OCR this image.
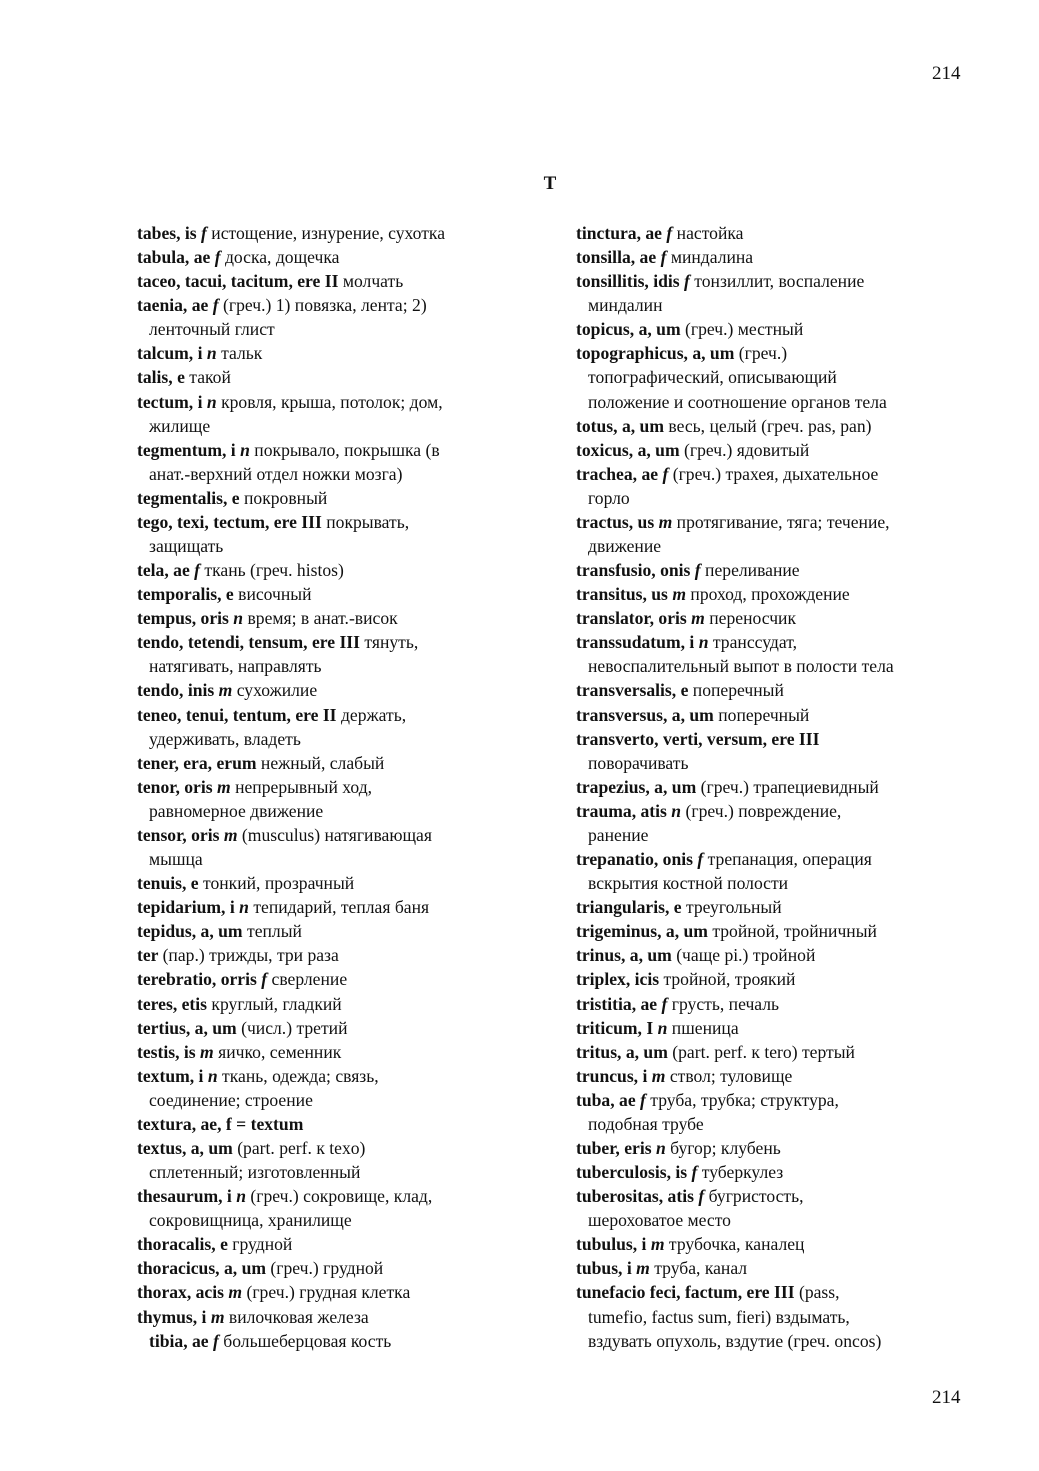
214
T
tabes, is f истощение, изнурение, сухотка
tabula, ae f доска, дощечка
taceo, tacui, tacitum, ere II молчать
taenia, ae f (греч.) 1) повязка, лента; 2)
ленточный глист
talcum, i n тальк
talis, e такой
tectum, i n кровля, крыша, потолок; дом,
жилище
tegmentum, i n покрывало, покрышка (в
анат.-верхний отдел ножки мозга)
tegmentalis, e покровный
tego, texi, tectum, ere III покрывать,
защищать
tela, ae f ткань (греч. histos)
temporalis, e височный
tempus, oris n время; в анат.-висок
tendo, tetendi, tensum, ere III тянуть,
натягивать, направлять
tendo, inis m сухожилие
teneo, tenui, tentum, ere II держать,
удерживать, владеть
tener, era, erum нежный, слабый
tenor, oris m непрерывный ход,
равномерное движение
tensor, oris m (musculus) натягивающая
мышца
tenuis, e тонкий, прозрачный
tepidarium, i n тепидарий, теплая баня
tepidus, a, um теплый
ter (пар.) трижды, три раза
terebratio, orris f сверление
teres, etis круглый, гладкий
tertius, a, um (числ.) третий
testis, is m яичко, семенник
textum, i n ткань, одежда; связь,
соединение; строение
textura, ae, f = textum
textus, a, um (part. perf. к texo)
сплетенный; изготовленный
thesaurum, i n (греч.) сокровище, клад,
сокровищница, хранилище
thoracalis, e грудной
thoracicus, a, um (греч.) грудной
thorax, acis m (греч.) грудная клетка
thymus, i m вилочковая железа
tibia, ae f большеберцовая кость
tinctura, ae f настойка
tonsilla, ae f миндалина
tonsillitis, idis f тонзиллит, воспаление
миндалин
topicus, a, um (греч.) местный
topographicus, a, um (греч.)
топографический, описывающий
положение и соотношение органов тела
totus, a, um весь, целый (греч. pas, pan)
toxicus, a, um (греч.) ядовитый
trachea, ae f (греч.) трахея, дыхательное
горло
tractus, us m протягивание, тяга; течение,
движение
transfusio, onis f переливание
transitus, us m проход, прохождение
translator, oris m переносчик
transsudatum, i n транссудат,
невоспалительный выпот в полости тела
transversalis, e поперечный
transversus, a, um поперечный
transverto, verti, versum, ere III
поворачивать
trapezius, a, um (греч.) трапециевидный
trauma, atis n (греч.) повреждение,
ранение
trepanatio, onis f трепанация, операция
вскрытия костной полости
triangularis, e треугольный
trigeminus, a, um тройной, тройничный
trinus, a, um (чаще pi.) тройной
triplex, icis тройной, троякий
tristitia, ae f грусть, печаль
triticum, I n пшеница
tritus, a, um (part. perf. к tero) тертый
truncus, i m ствол; туловище
tuba, ae f труба, трубка; структура,
подобная трубе
tuber, eris n бугор; клубень
tuberculosis, is f туберкулез
tuberositas, atis f бугристость,
шероховатое место
tubulus, i m трубочка, каналец
tubus, i m труба, канал
tunefacio feci, factum, ere III (pass,
tumefio, factus sum, fieri) вздымать,
вздувать опухоль, вздутие (греч. oncos)
214
